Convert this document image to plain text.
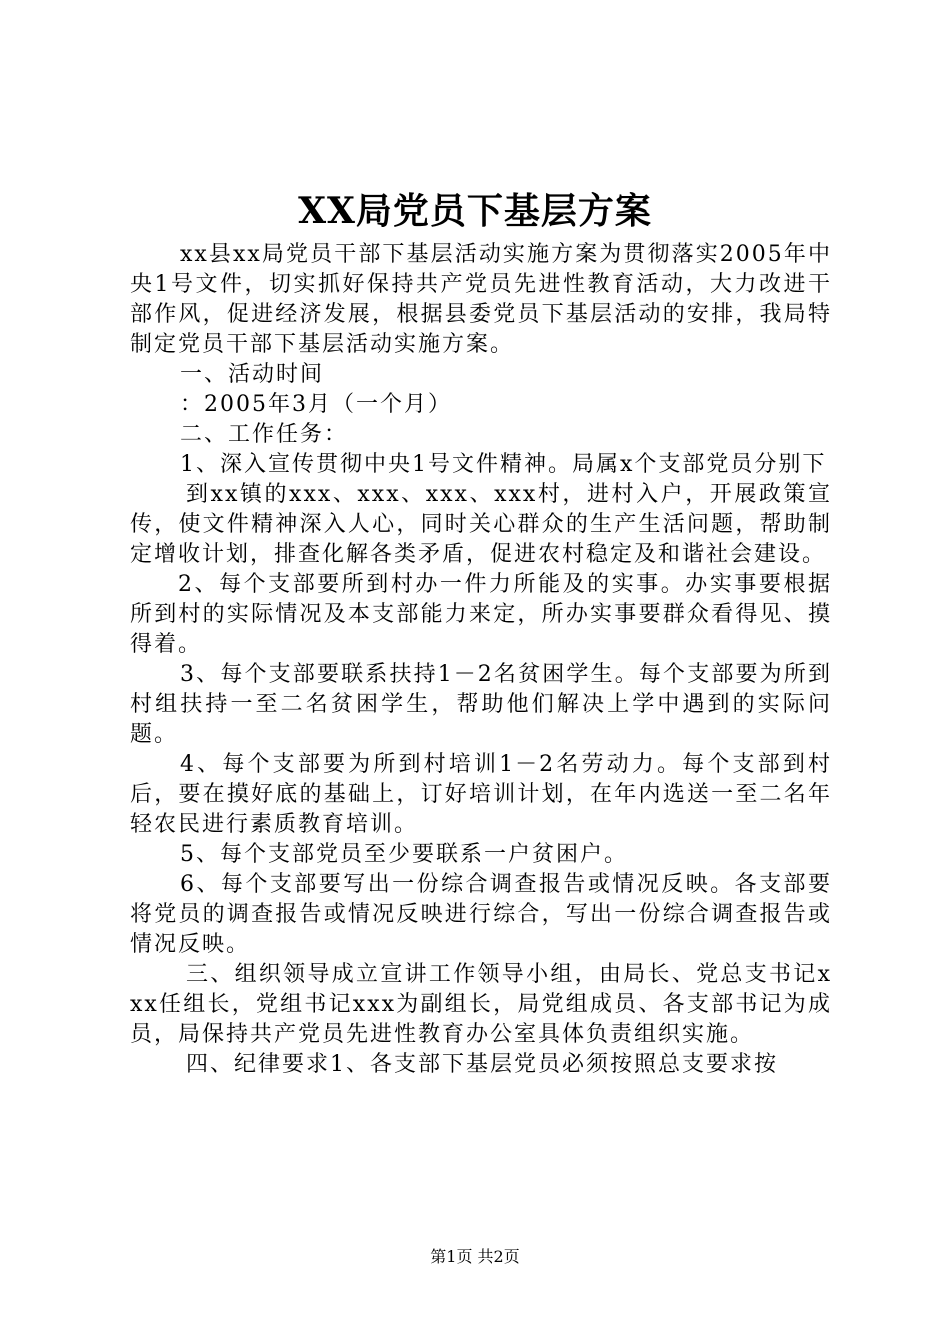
XX局党员下基层方案

xx县xx局党员干部下基层活动实施方案为贯彻落实2005年中央1号文件，切实抓好保持共产党员先进性教育活动，大力改进干部作风，促进经济发展，根据县委党员下基层活动的安排，我局特制定党员干部下基层活动实施方案。

一、活动时间

：2005年3月（一个月）

二、工作任务：

1、深入宣传贯彻中央1号文件精神。局属x个支部党员分别下

到xx镇的xxx、xxx、xxx、xxx村，进村入户，开展政策宣传，使文件精神深入人心，同时关心群众的生产生活问题，帮助制定增收计划，排查化解各类矛盾，促进农村稳定及和谐社会建设。

2、每个支部要所到村办一件力所能及的实事。办实事要根据所到村的实际情况及本支部能力来定，所办实事要群众看得见、摸得着。

3、每个支部要联系扶持1－2名贫困学生。每个支部要为所到村组扶持一至二名贫困学生，帮助他们解决上学中遇到的实际问题。

4、每个支部要为所到村培训1－2名劳动力。每个支部到村后，要在摸好底的基础上，订好培训计划，在年内选送一至二名年轻农民进行素质教育培训。

5、每个支部党员至少要联系一户贫困户。

6、每个支部要写出一份综合调查报告或情况反映。各支部要将党员的调查报告或情况反映进行综合，写出一份综合调查报告或情况反映。

三、组织领导成立宣讲工作领导小组，由局长、党总支书记xxx任组长，党组书记xxx为副组长，局党组成员、各支部书记为成员，局保持共产党员先进性教育办公室具体负责组织实施。

四、纪律要求1、各支部下基层党员必须按照总支要求按

第1页 共2页
